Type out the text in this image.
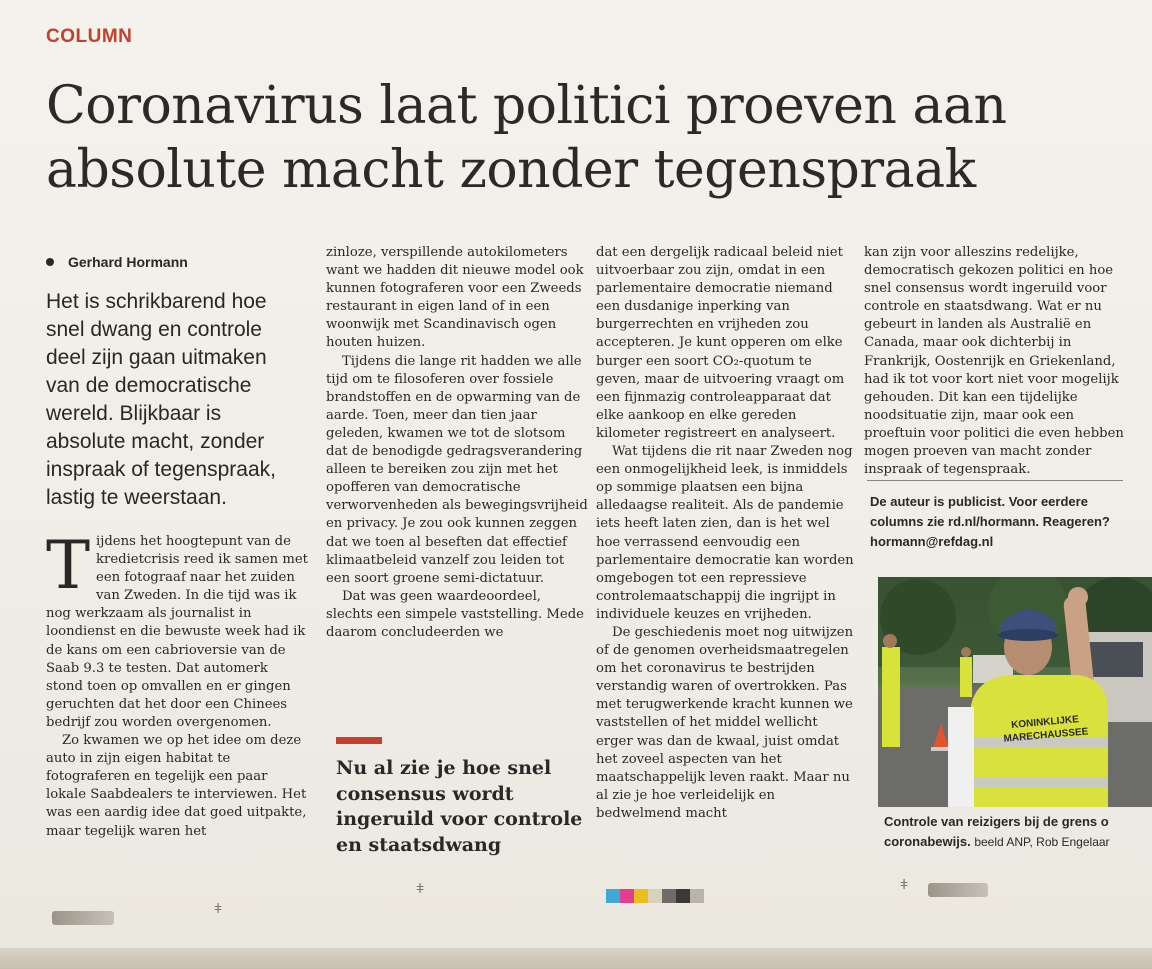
COLUMN
Coronavirus laat politici proeven aan absolute macht zonder tegenspraak
Gerhard Hormann

Het is schrikbarend hoe snel dwang en controle deel zijn gaan uitmaken van de democratische wereld. Blijkbaar is absolute macht, zonder inspraak of tegenspraak, lastig te weerstaan.

T ijdens het hoogtepunt van de kredietcrisis reed ik samen met een fotograaf naar het zuiden van Zweden. In die tijd was ik nog werkzaam als journalist in loondienst en die bewuste week had ik de kans om een cabrioversie van de Saab 9.3 te testen. Dat automerk stond toen op omvallen en er gingen geruchten dat het door een Chinees bedrijf zou worden overgenomen.

Zo kwamen we op het idee om deze auto in zijn eigen habitat te fotograferen en tegelijk een paar lokale Saabdealers te interviewen. Het was een aardig idee dat goed uitpakte, maar tegelijk waren het

zinloze, verspillende autokilometers want we hadden dit nieuwe model ook kunnen fotograferen voor een Zweeds restaurant in eigen land of in een woonwijk met Scandinavisch ogen houten huizen.

Tijdens die lange rit hadden we alle tijd om te filosoferen over fossiele brandstoffen en de opwarming van de aarde. Toen, meer dan tien jaar geleden, kwamen we tot de slotsom dat de benodigde gedragsverandering alleen te bereiken zou zijn met het opofferen van democratische verworvenheden als bewegingsvrijheid en privacy. Je zou ook kunnen zeggen dat we toen al beseften dat effectief klimaatbeleid vanzelf zou leiden tot een soort groene semi-dictatuur.

Dat was geen waardeoordeel, slechts een simpele vaststelling. Mede daarom concludeerden we

Nu al zie je hoe snel consensus wordt ingeruild voor controle en staatsdwang

dat een dergelijk radicaal beleid niet uitvoerbaar zou zijn, omdat in een parlementaire democratie niemand een dusdanige inperking van burgerrechten en vrijheden zou accepteren. Je kunt opperen om elke burger een soort CO₂-quotum te geven, maar de uitvoering vraagt om een fijnmazig controleapparaat dat elke aankoop en elke gereden kilometer registreert en analyseert.

Wat tijdens die rit naar Zweden nog een onmogelijkheid leek, is inmiddels op sommige plaatsen een bijna alledaagse realiteit. Als de pandemie iets heeft laten zien, dan is het wel hoe verrassend eenvoudig een parlementaire democratie kan worden omgebogen tot een repressieve controlemaatschappij die ingrijpt in individuele keuzes en vrijheden.

De geschiedenis moet nog uitwijzen of de genomen overheidsmaatregelen om het coronavirus te bestrijden verstandig waren of overtrokken. Pas met terugwerkende kracht kunnen we vaststellen of het middel wellicht erger was dan de kwaal, juist omdat het zoveel aspecten van het maatschappelijk leven raakt. Maar nu al zie je hoe verleidelijk en bedwelmend macht

kan zijn voor alleszins redelijke, democratisch gekozen politici en hoe snel consensus wordt ingeruild voor controle en staatsdwang. Wat er nu gebeurt in landen als Australië en Canada, maar ook dichterbij in Frankrijk, Oostenrijk en Griekenland, had ik tot voor kort niet voor mogelijk gehouden. Dit kan een tijdelijke noodsituatie zijn, maar ook een proeftuin voor politici die even hebben mogen proeven van macht zonder inspraak of tegenspraak.

De auteur is publicist. Voor eerdere columns zie rd.nl/hormann. Reageren? hormann@refdag.nl

KONINKLIJKE
MARECHAUSSEE

Controle van reizigers bij de grens o coronabewijs. beeld ANP, Rob Engelaar

ǂ
ǂ	ǂ
